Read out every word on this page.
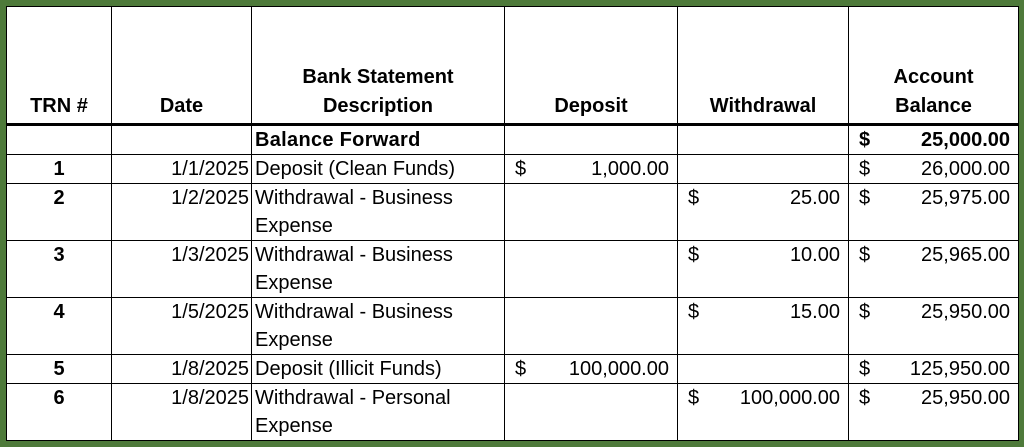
TRN #	Date	Bank Statement Description	Deposit	Withdrawal	Account Balance
		Balance Forward			$ 25,000.00

1	1/1/2025	Deposit (Clean Funds)	$ 1,000.00		$ 26,000.00

2	1/2/2025	Withdrawal - Business Expense		$ 25.00	$ 25,975.00

3	1/3/2025	Withdrawal - Business Expense		$ 10.00	$ 25,965.00

4	1/5/2025	Withdrawal - Business Expense		$ 15.00	$ 25,950.00

5	1/8/2025	Deposit (Illicit Funds)	$ 100,000.00		$ 125,950.00

6	1/8/2025	Withdrawal - Personal Expense		$ 100,000.00	$ 25,950.00
